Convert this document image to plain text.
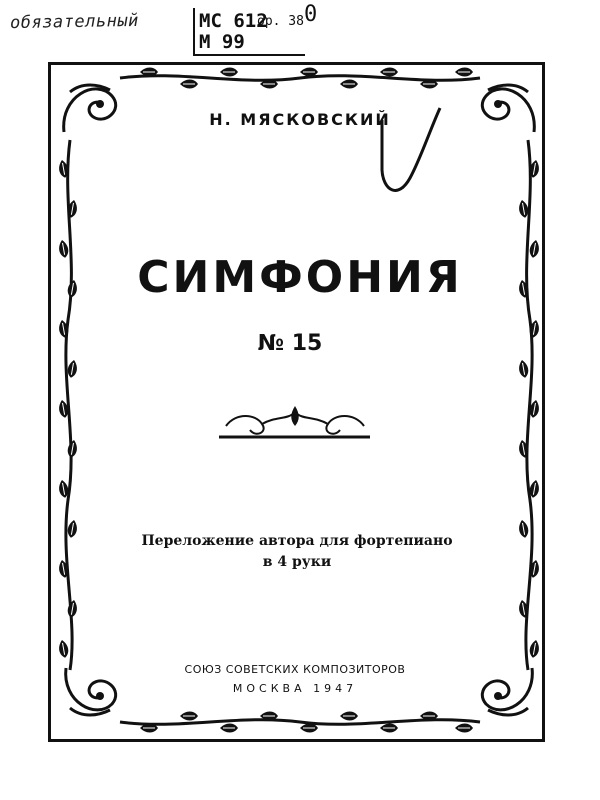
обязательный	МС 612
ор. 38
М 99
0
Н. МЯСКОВСКИЙ
СИМФОНИЯ
№ 15
Переложение автора для фортепиано
в 4 руки
СОЮЗ СОВЕТСКИХ КОМПОЗИТОРОВ
МОСКВА 1947
